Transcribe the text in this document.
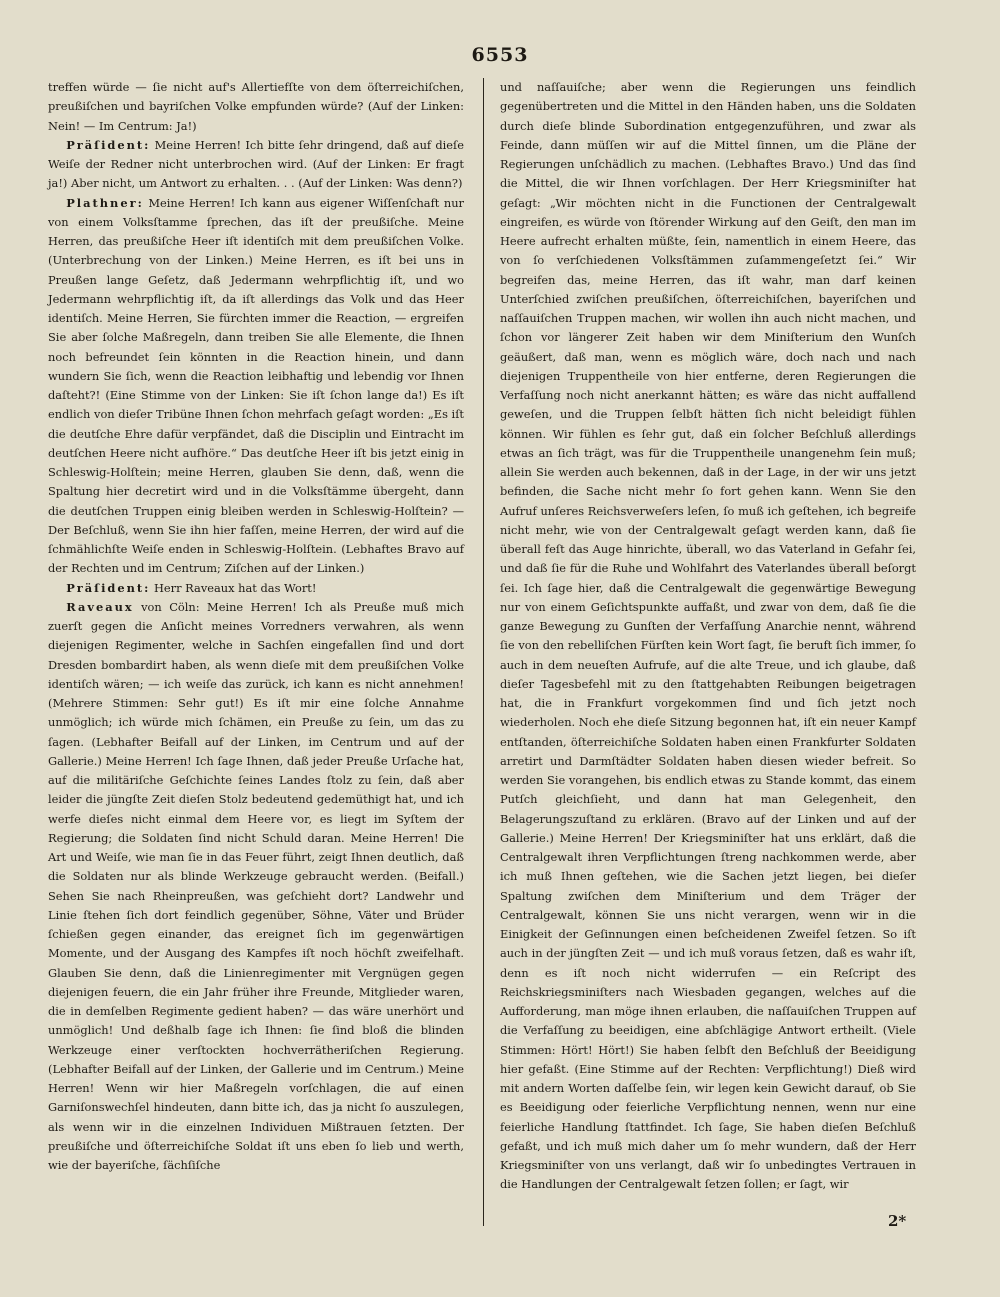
6553

treffen würde — ſie nicht auf's Allertiefſte von dem öſterreichiſchen, preußiſchen und bayriſchen Volke empfunden würde? (Auf der Linken: Nein! — Im Centrum: Ja!)

Präſident: Meine Herren! Ich bitte ſehr dringend, daß auf dieſe Weiſe der Redner nicht unterbrochen wird. (Auf der Linken: Er fragt ja!) Aber nicht, um Antwort zu erhalten. . . (Auf der Linken: Was denn?)

Plathner: Meine Herren! Ich kann aus eigener Wiſſenſchaft nur von einem Volksſtamme ſprechen, das iſt der preußiſche. Meine Herren, das preußiſche Heer iſt identiſch mit dem preußiſchen Volke. (Unterbrechung von der Linken.) Meine Herren, es iſt bei uns in Preußen lange Geſetz, daß Jedermann wehrpflichtig iſt, und wo Jedermann wehrpflichtig iſt, da iſt allerdings das Volk und das Heer identiſch. Meine Herren, Sie fürchten immer die Reaction, — ergreifen Sie aber ſolche Maßregeln, dann treiben Sie alle Elemente, die Ihnen noch befreundet ſein könnten in die Reaction hinein, und dann wundern Sie ſich, wenn die Reaction leibhaftig und lebendig vor Ihnen daſteht?! (Eine Stimme von der Linken: Sie iſt ſchon lange da!) Es iſt endlich von dieſer Tribüne Ihnen ſchon mehrfach geſagt worden: „Es iſt die deutſche Ehre dafür verpfändet, daß die Disciplin und Eintracht im deutſchen Heere nicht aufhöre.“ Das deutſche Heer iſt bis jetzt einig in Schleswig-Holſtein; meine Herren, glauben Sie denn, daß, wenn die Spaltung hier decretirt wird und in die Volksſtämme übergeht, dann die deutſchen Truppen einig bleiben werden in Schleswig-Holſtein? — Der Beſchluß, wenn Sie ihn hier faſſen, meine Herren, der wird auf die ſchmählichſte Weiſe enden in Schleswig-Holſtein. (Lebhaftes Bravo auf der Rechten und im Centrum; Ziſchen auf der Linken.)

Präſident: Herr Raveaux hat das Wort!

Raveaux von Cöln: Meine Herren! Ich als Preuße muß mich zuerſt gegen die Anſicht meines Vorredners verwahren, als wenn diejenigen Regimenter, welche in Sachſen eingefallen ſind und dort Dresden bombardirt haben, als wenn dieſe mit dem preußiſchen Volke identiſch wären; — ich weiſe das zurück, ich kann es nicht annehmen! (Mehrere Stimmen: Sehr gut!) Es iſt mir eine ſolche Annahme unmöglich; ich würde mich ſchämen, ein Preuße zu ſein, um das zu ſagen. (Lebhafter Beifall auf der Linken, im Centrum und auf der Gallerie.) Meine Herren! Ich ſage Ihnen, daß jeder Preuße Urſache hat, auf die militäriſche Geſchichte ſeines Landes ſtolz zu ſein, daß aber leider die jüngſte Zeit dieſen Stolz bedeutend gedemüthigt hat, und ich werfe dieſes nicht einmal dem Heere vor, es liegt im Syſtem der Regierung; die Soldaten ſind nicht Schuld daran. Meine Herren! Die Art und Weiſe, wie man ſie in das Feuer führt, zeigt Ihnen deutlich, daß die Soldaten nur als blinde Werkzeuge gebraucht werden. (Beifall.) Sehen Sie nach Rheinpreußen, was geſchieht dort? Landwehr und Linie ſtehen ſich dort feindlich gegenüber, Söhne, Väter und Brüder ſchießen gegen einander, das ereignet ſich im gegenwärtigen Momente, und der Ausgang des Kampfes iſt noch höchſt zweifelhaft. Glauben Sie denn, daß die Linienregimenter mit Vergnügen gegen diejenigen feuern, die ein Jahr früher ihre Freunde, Mitglieder waren, die in demſelben Regimente gedient haben? — das wäre unerhört und unmöglich! Und deßhalb ſage ich Ihnen: ſie ſind bloß die blinden Werkzeuge einer verſtockten hochverrätheriſchen Regierung. (Lebhafter Beifall auf der Linken, der Gallerie und im Centrum.) Meine Herren! Wenn wir hier Maßregeln vorſchlagen, die auf einen Garniſonswechſel hindeuten, dann bitte ich, das ja nicht ſo auszulegen, als wenn wir in die einzelnen Individuen Mißtrauen ſetzten. Der preußiſche und öſterreichiſche Soldat iſt uns eben ſo lieb und werth, wie der bayeriſche, ſächſiſche

und naſſauiſche; aber wenn die Regierungen uns feindlich gegenübertreten und die Mittel in den Händen haben, uns die Soldaten durch dieſe blinde Subordination entgegenzuführen, und zwar als Feinde, dann müſſen wir auf die Mittel ſinnen, um die Pläne der Regierungen unſchädlich zu machen. (Lebhaftes Bravo.) Und das ſind die Mittel, die wir Ihnen vorſchlagen. Der Herr Kriegsminiſter hat geſagt: „Wir möchten nicht in die Functionen der Centralgewalt eingreifen, es würde von ſtörender Wirkung auf den Geiſt, den man im Heere aufrecht erhalten müßte, ſein, namentlich in einem Heere, das von ſo verſchiedenen Volksſtämmen zuſammengeſetzt ſei.“ Wir begreifen das, meine Herren, das iſt wahr, man darf keinen Unterſchied zwiſchen preußiſchen, öſterreichiſchen, bayeriſchen und naſſauiſchen Truppen machen, wir wollen ihn auch nicht machen, und ſchon vor längerer Zeit haben wir dem Miniſterium den Wunſch geäußert, daß man, wenn es möglich wäre, doch nach und nach diejenigen Truppentheile von hier entferne, deren Regierungen die Verfaſſung noch nicht anerkannt hätten; es wäre das nicht auffallend geweſen, und die Truppen ſelbſt hätten ſich nicht beleidigt fühlen können. Wir fühlen es ſehr gut, daß ein ſolcher Beſchluß allerdings etwas an ſich trägt, was für die Truppentheile unangenehm ſein muß; allein Sie werden auch bekennen, daß in der Lage, in der wir uns jetzt befinden, die Sache nicht mehr ſo fort gehen kann. Wenn Sie den Aufruf unſeres Reichsverweſers leſen, ſo muß ich geſtehen, ich begreife nicht mehr, wie von der Centralgewalt geſagt werden kann, daß ſie überall feſt das Auge hinrichte, überall, wo das Vaterland in Gefahr ſei, und daß ſie für die Ruhe und Wohlfahrt des Vaterlandes überall beſorgt ſei. Ich ſage hier, daß die Centralgewalt die gegenwärtige Bewegung nur von einem Geſichtspunkte auffaßt, und zwar von dem, daß ſie die ganze Bewegung zu Gunſten der Verfaſſung Anarchie nennt, während ſie von den rebelliſchen Fürſten kein Wort ſagt, ſie beruft ſich immer, ſo auch in dem neueſten Aufrufe, auf die alte Treue, und ich glaube, daß dieſer Tagesbefehl mit zu den ſtattgehabten Reibungen beigetragen hat, die in Frankfurt vorgekommen ſind und ſich jetzt noch wiederholen. Noch ehe dieſe Sitzung begonnen hat, iſt ein neuer Kampf entſtanden, öſterreichiſche Soldaten haben einen Frankfurter Soldaten arretirt und Darmſtädter Soldaten haben diesen wieder befreit. So werden Sie vorangehen, bis endlich etwas zu Stande kommt, das einem Putſch gleichſieht, und dann hat man Gelegenheit, den Belagerungszuſtand zu erklären. (Bravo auf der Linken und auf der Gallerie.) Meine Herren! Der Kriegsminiſter hat uns erklärt, daß die Centralgewalt ihren Verpflichtungen ſtreng nachkommen werde, aber ich muß Ihnen geſtehen, wie die Sachen jetzt liegen, bei dieſer Spaltung zwiſchen dem Miniſterium und dem Träger der Centralgewalt, können Sie uns nicht verargen, wenn wir in die Einigkeit der Geſinnungen einen beſcheidenen Zweifel ſetzen. So iſt auch in der jüngſten Zeit — und ich muß voraus ſetzen, daß es wahr iſt, denn es iſt noch nicht widerrufen — ein Reſcript des Reichskriegsminiſters nach Wiesbaden gegangen, welches auf die Aufforderung, man möge ihnen erlauben, die naſſauiſchen Truppen auf die Verfaſſung zu beeidigen, eine abſchlägige Antwort ertheilt. (Viele Stimmen: Hört! Hört!) Sie haben ſelbſt den Beſchluß der Beeidigung hier gefaßt. (Eine Stimme auf der Rechten: Verpflichtung!) Dieß wird mit andern Worten daſſelbe ſein, wir legen kein Gewicht darauf, ob Sie es Beeidigung oder feierliche Verpflichtung nennen, wenn nur eine feierliche Handlung ſtattfindet. Ich ſage, Sie haben dieſen Beſchluß gefaßt, und ich muß mich daher um ſo mehr wundern, daß der Herr Kriegsminiſter von uns verlangt, daß wir ſo unbedingtes Vertrauen in die Handlungen der Centralgewalt ſetzen ſollen; er ſagt, wir

2*
